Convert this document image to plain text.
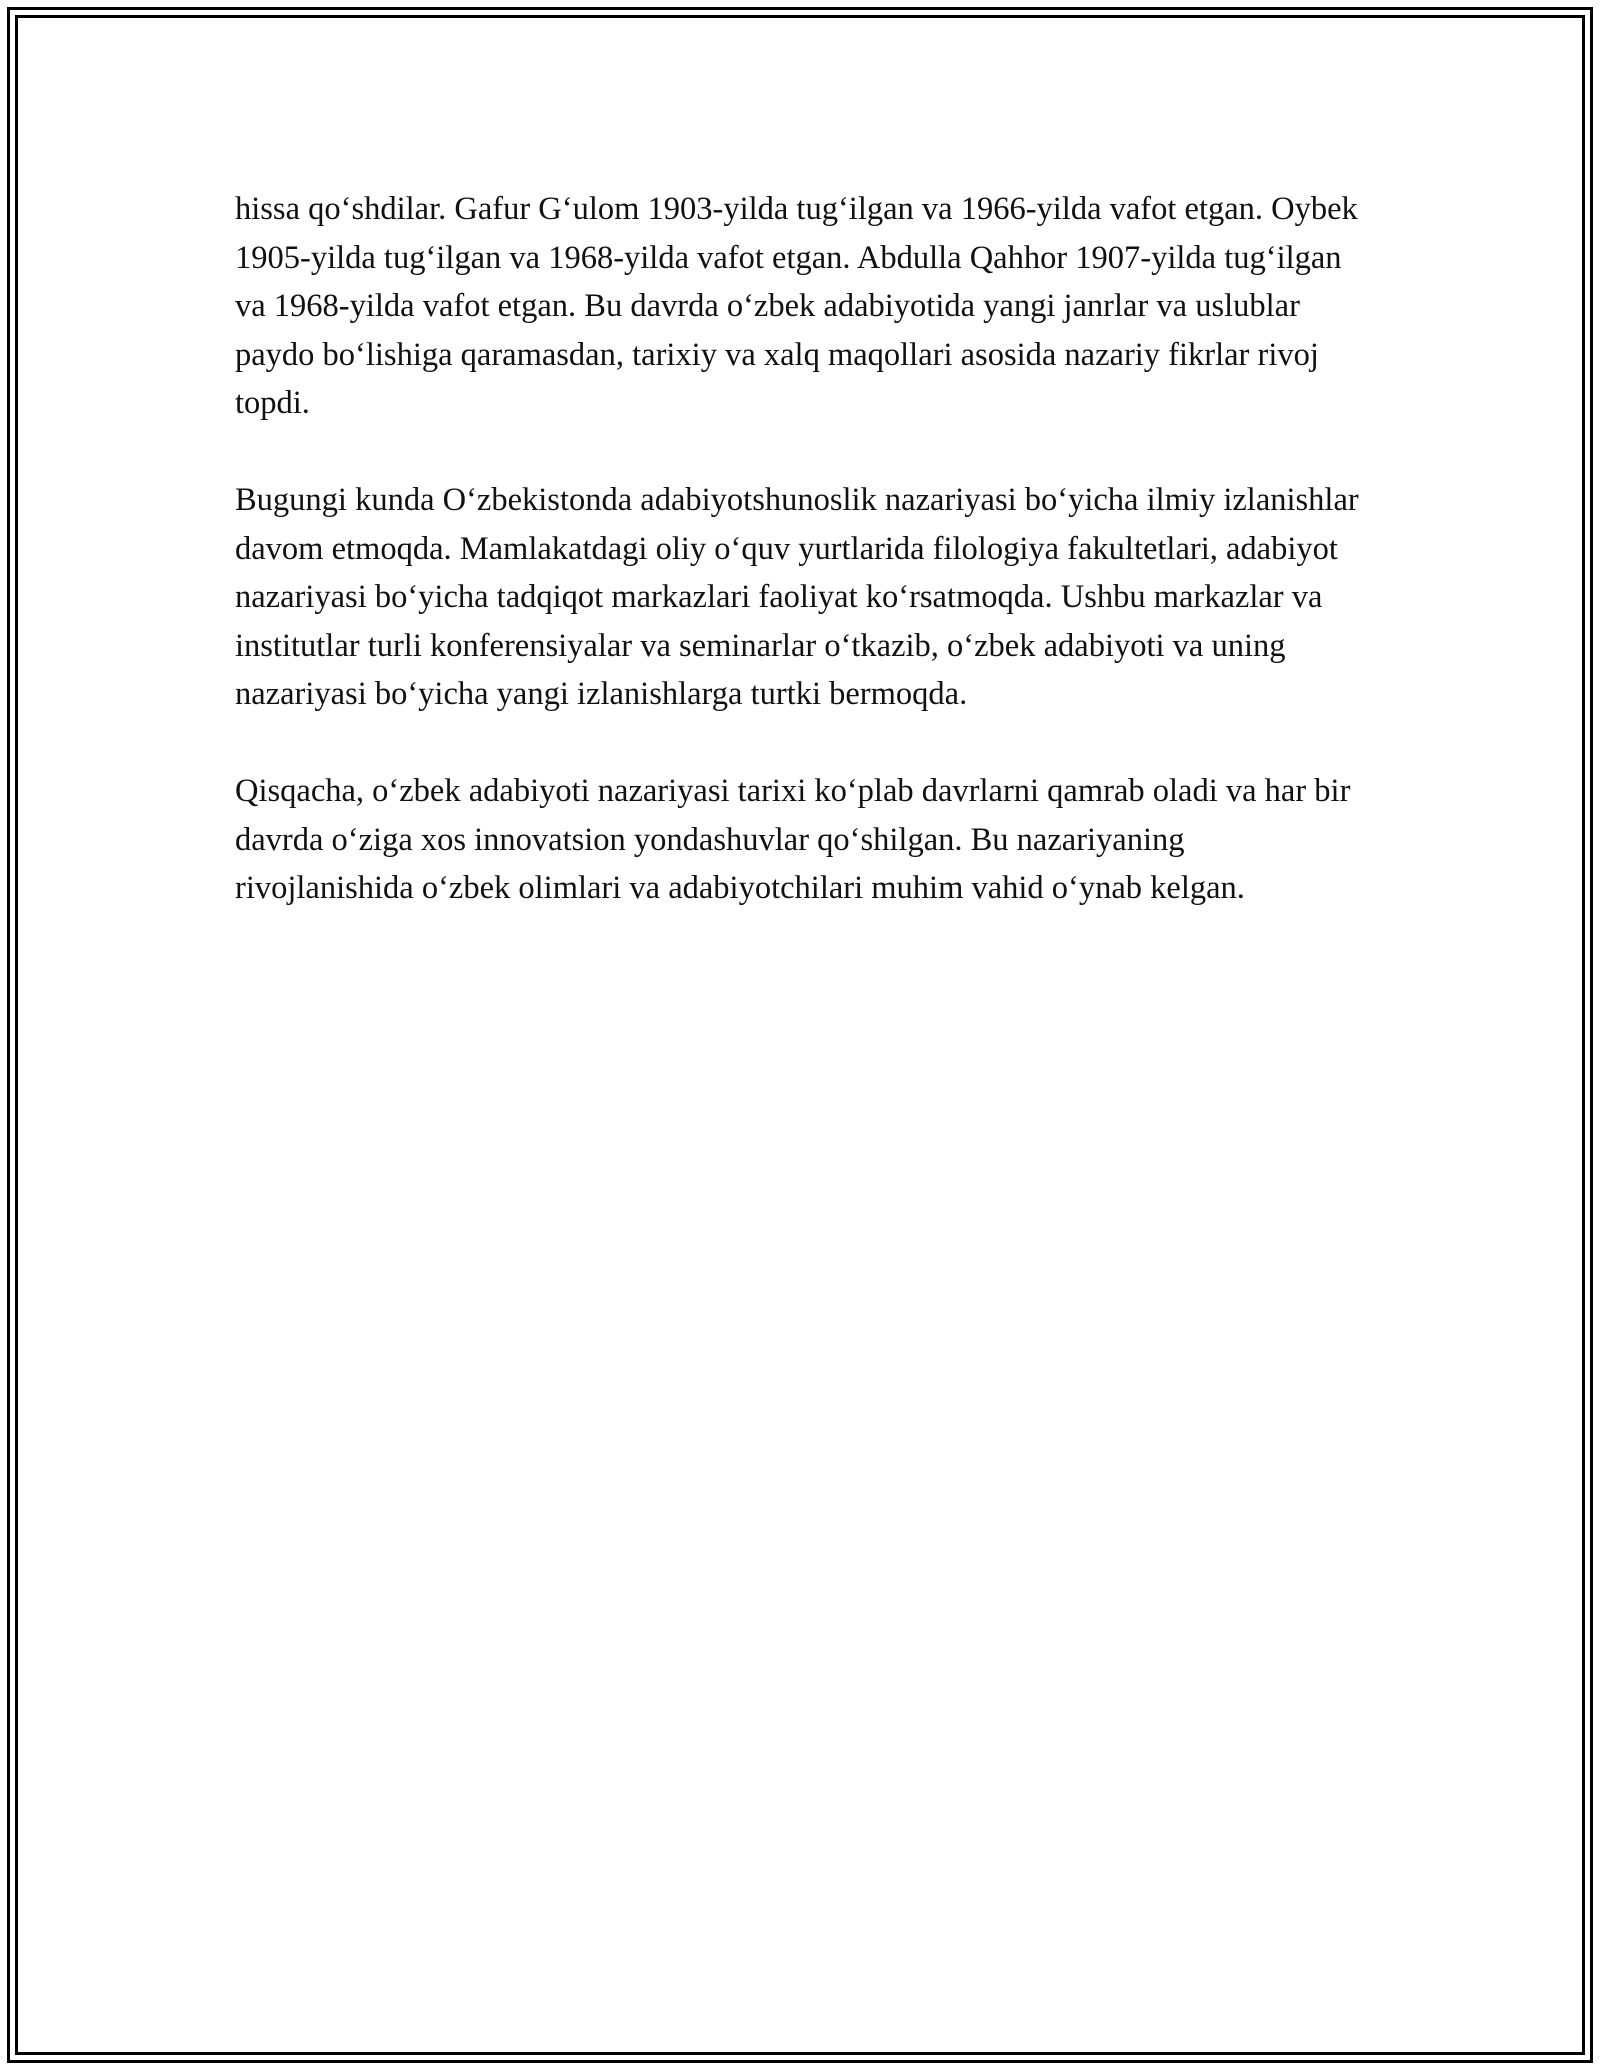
hissa qo‘shdilar. Gafur G‘ulom 1903-yilda tug‘ilgan va 1966-yilda vafot etgan. Oybek 1905-yilda tug‘ilgan va 1968-yilda vafot etgan. Abdulla Qahhor 1907-yilda tug‘ilgan va 1968-yilda vafot etgan. Bu davrda o‘zbek adabiyotida yangi janrlar va uslublar paydo bo‘lishiga qaramasdan, tarixiy va xalq maqollari asosida nazariy fikrlar rivoj topdi.

Bugungi kunda O‘zbekistonda adabiyotshunoslik nazariyasi bo‘yicha ilmiy izlanishlar davom etmoqda. Mamlakatdagi oliy o‘quv yurtlarida filologiya fakultetlari, adabiyot nazariyasi bo‘yicha tadqiqot markazlari faoliyat ko‘rsatmoqda. Ushbu markazlar va institutlar turli konferensiyalar va seminarlar o‘tkazib, o‘zbek adabiyoti va uning nazariyasi bo‘yicha yangi izlanishlarga turtki bermoqda.

Qisqacha, o‘zbek adabiyoti nazariyasi tarixi ko‘plab davrlarni qamrab oladi va har bir davrda o‘ziga xos innovatsion yondashuvlar qo‘shilgan. Bu nazariyaning rivojlanishida o‘zbek olimlari va adabiyotchilari muhim vahid o‘ynab kelgan.
